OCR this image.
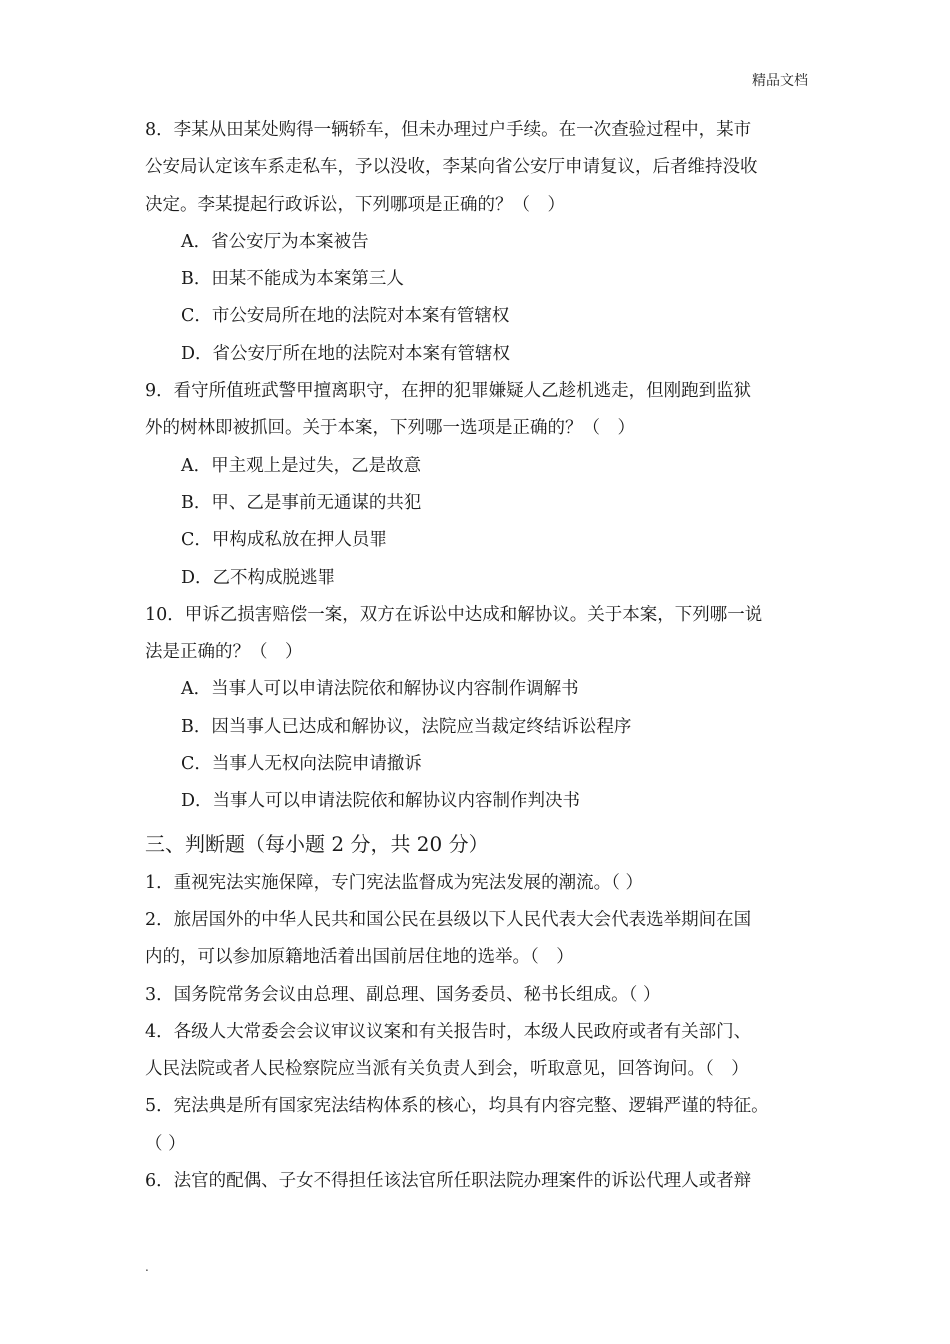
精品文档
8．李某从田某处购得一辆轿车，但未办理过户手续。在一次查验过程中，某市
公安局认定该车系走私车，予以没收，李某向省公安厅申请复议，后者维持没收
决定。李某提起行政诉讼，下列哪项是正确的？（　）
A．省公安厅为本案被告
B．田某不能成为本案第三人
C．市公安局所在地的法院对本案有管辖权
D．省公安厅所在地的法院对本案有管辖权
9．看守所值班武警甲擅离职守，在押的犯罪嫌疑人乙趁机逃走，但刚跑到监狱
外的树林即被抓回。关于本案，下列哪一选项是正确的？（　）
A．甲主观上是过失，乙是故意
B．甲、乙是事前无通谋的共犯
C．甲构成私放在押人员罪
D．乙不构成脱逃罪
10．甲诉乙损害赔偿一案，双方在诉讼中达成和解协议。关于本案，下列哪一说
法是正确的？（　）
A．当事人可以申请法院依和解协议内容制作调解书
B．因当事人已达成和解协议，法院应当裁定终结诉讼程序
C．当事人无权向法院申请撤诉
D．当事人可以申请法院依和解协议内容制作判决书
三、判断题（每小题 2 分，共 20 分）
1．重视宪法实施保障，专门宪法监督成为宪法发展的潮流。（ ）
2．旅居国外的中华人民共和国公民在县级以下人民代表大会代表选举期间在国
内的，可以参加原籍地活着出国前居住地的选举。（　）
3．国务院常务会议由总理、副总理、国务委员、秘书长组成。（ ）
4．各级人大常委会会议审议议案和有关报告时，本级人民政府或者有关部门、
人民法院或者人民检察院应当派有关负责人到会，听取意见，回答询问。（　）
5．宪法典是所有国家宪法结构体系的核心，均具有内容完整、逻辑严谨的特征。
（ ）
6．法官的配偶、子女不得担任该法官所任职法院办理案件的诉讼代理人或者辩
.
